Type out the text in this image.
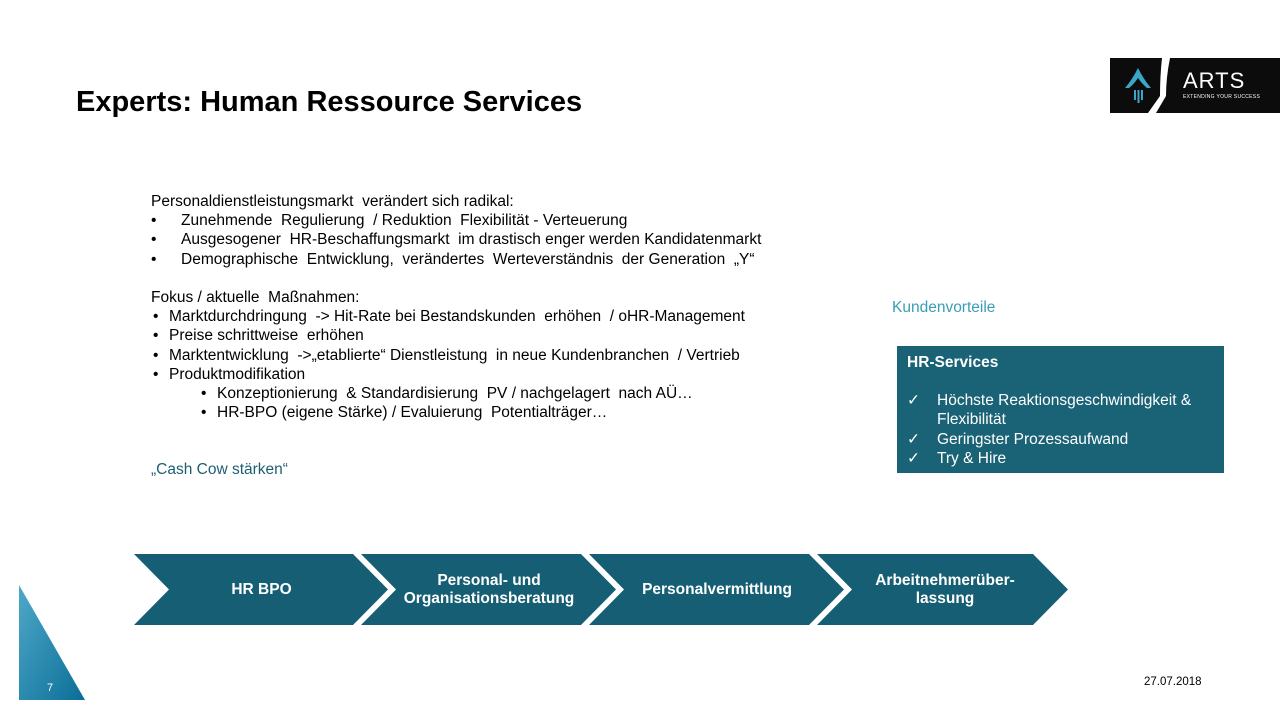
Experts: Human Ressource Services
ARTS
EXTENDING YOUR SUCCESS
Personaldienstleistungsmarkt  verändert sich radikal:
• Zunehmende  Regulierung  / Reduktion  Flexibilität - Verteuerung
• Ausgesogener  HR-Beschaffungsmarkt  im drastisch enger werden Kandidatenmarkt
• Demographische  Entwicklung,  verändertes  Werteverständnis  der Generation  „Y“
Fokus / aktuelle  Maßnahmen:
• Marktdurchdringung  -> Hit-Rate bei Bestandskunden  erhöhen  / oHR-Management
• Preise schrittweise  erhöhen
• Marktentwicklung  ->„etablierte“ Dienstleistung  in neue Kundenbranchen  / Vertrieb
• Produktmodifikation
• Konzeptionierung  & Standardisierung  PV / nachgelagert  nach AÜ…
• HR-BPO (eigene Stärke) / Evaluierung  Potentialträger…
„Cash Cow stärken“
Kundenvorteile
HR-Services
✓ Höchste Reaktionsgeschwindigkeit &
Flexibilität
✓ Geringster Prozessaufwand
✓ Try & Hire
HR BPO
Personal- und
Organisationsberatung
Personalvermittlung
Arbeitnehmerüber-
lassung
7	27.07.2018
